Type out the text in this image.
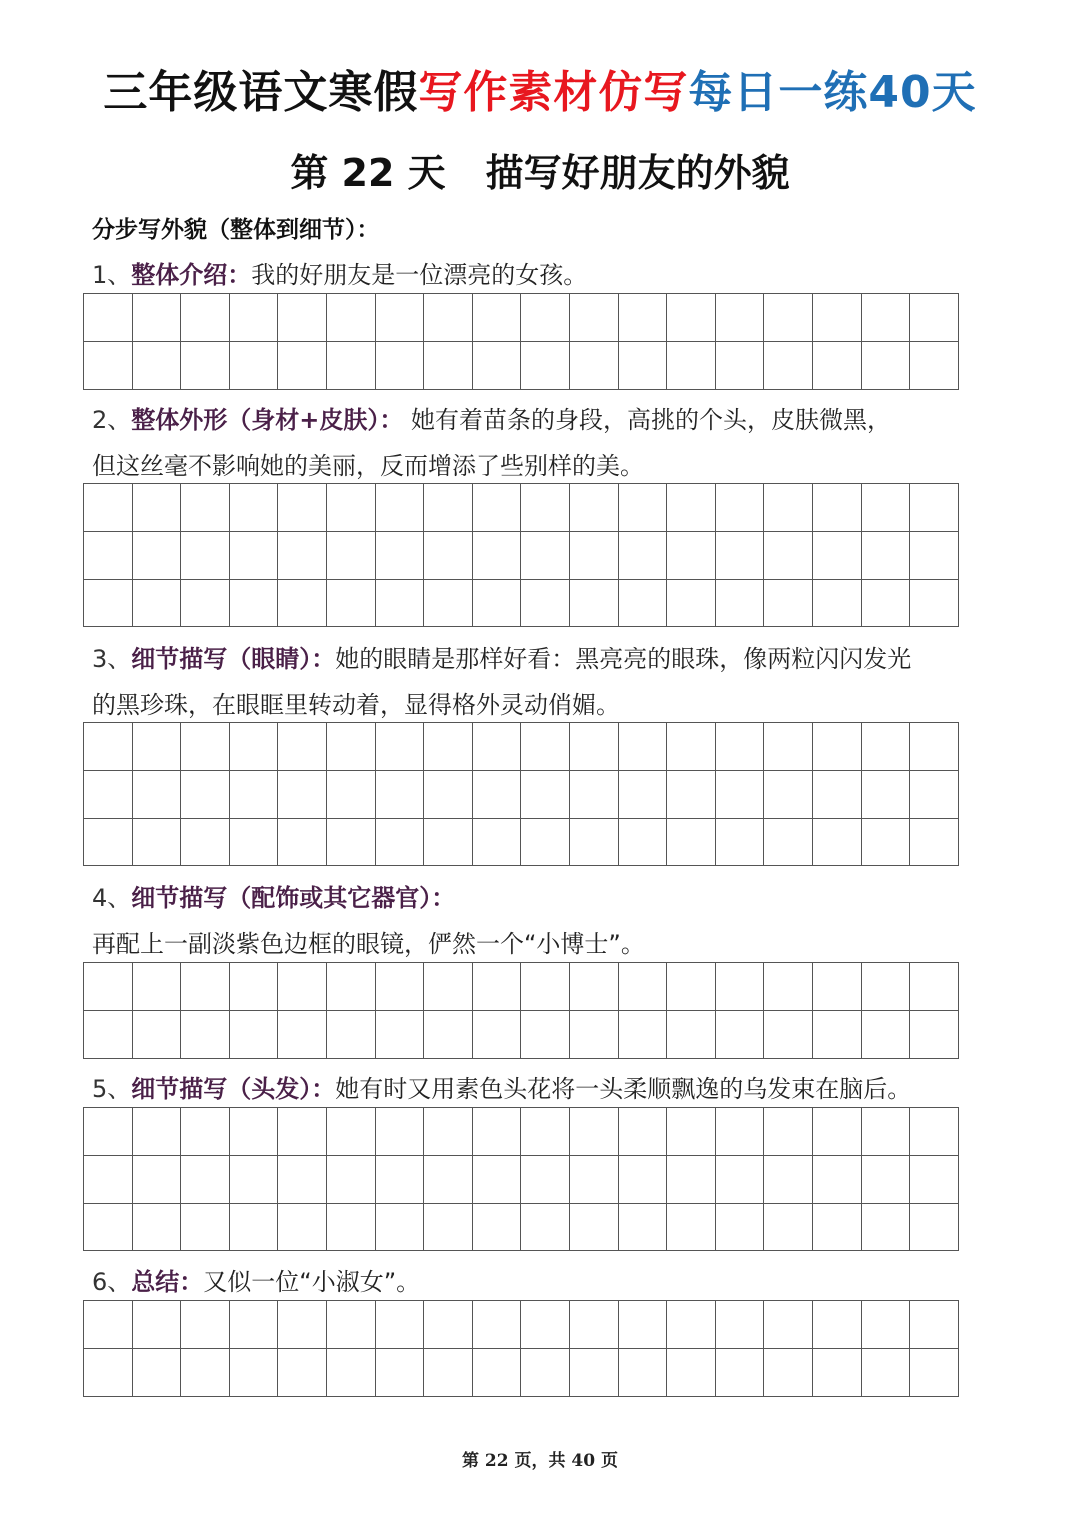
三年级语文寒假写作素材仿写每日一练40天
第 22 天 描写好朋友的外貌
分步写外貌（整体到细节）：
1、整体介绍：我的好朋友是一位漂亮的女孩。

2、整体外形（身材+皮肤）： 她有着苗条的身段，高挑的个头，皮肤微黑，
但这丝毫不影响她的美丽，反而增添了些别样的美。

3、细节描写（眼睛）：她的眼睛是那样好看：黑亮亮的眼珠，像两粒闪闪发光
的黑珍珠，在眼眶里转动着，显得格外灵动俏媚。

4、细节描写（配饰或其它器官）：
再配上一副淡紫色边框的眼镜，俨然一个“小博士”。

5、细节描写（头发）：她有时又用素色头花将一头柔顺飘逸的乌发束在脑后。

6、总结：又似一位“小淑女”。

第 22 页，共 40 页
